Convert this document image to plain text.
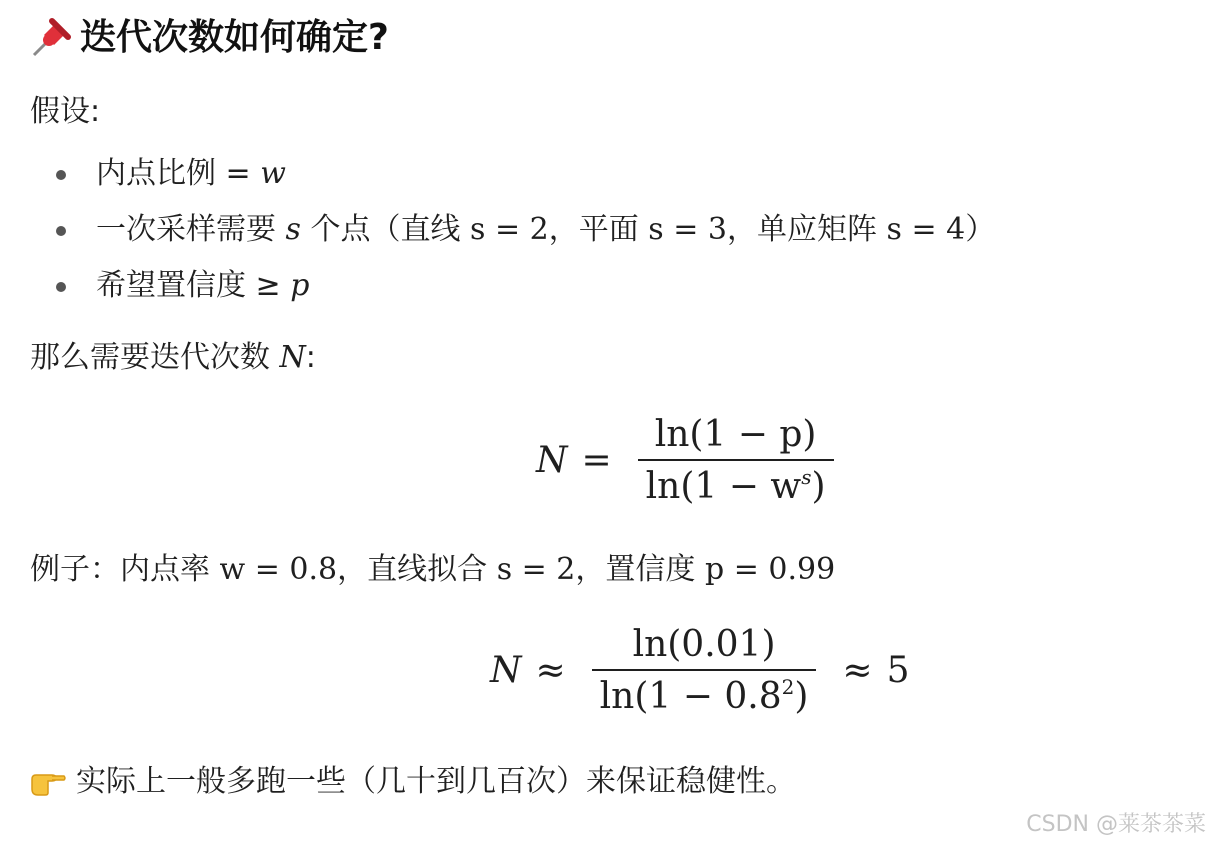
迭代次数如何确定?
假设:
内点比例 = w
一次采样需要 s 个点（直线 s = 2，平面 s = 3，单应矩阵 s = 4）
希望置信度 ≥ p
那么需要迭代次数 N:
$N = \frac{\ln(1 - p)}{\ln(1 - w^s)}$
例子：内点率 w = 0.8，直线拟合 s = 2，置信度 p = 0.99
$N \approx \frac{\ln(0.01)}{\ln(1 - 0.8^2)} \approx 5$
实际上一般多跑一些（几十到几百次）来保证稳健性。
CSDN @莱茶茶菜
